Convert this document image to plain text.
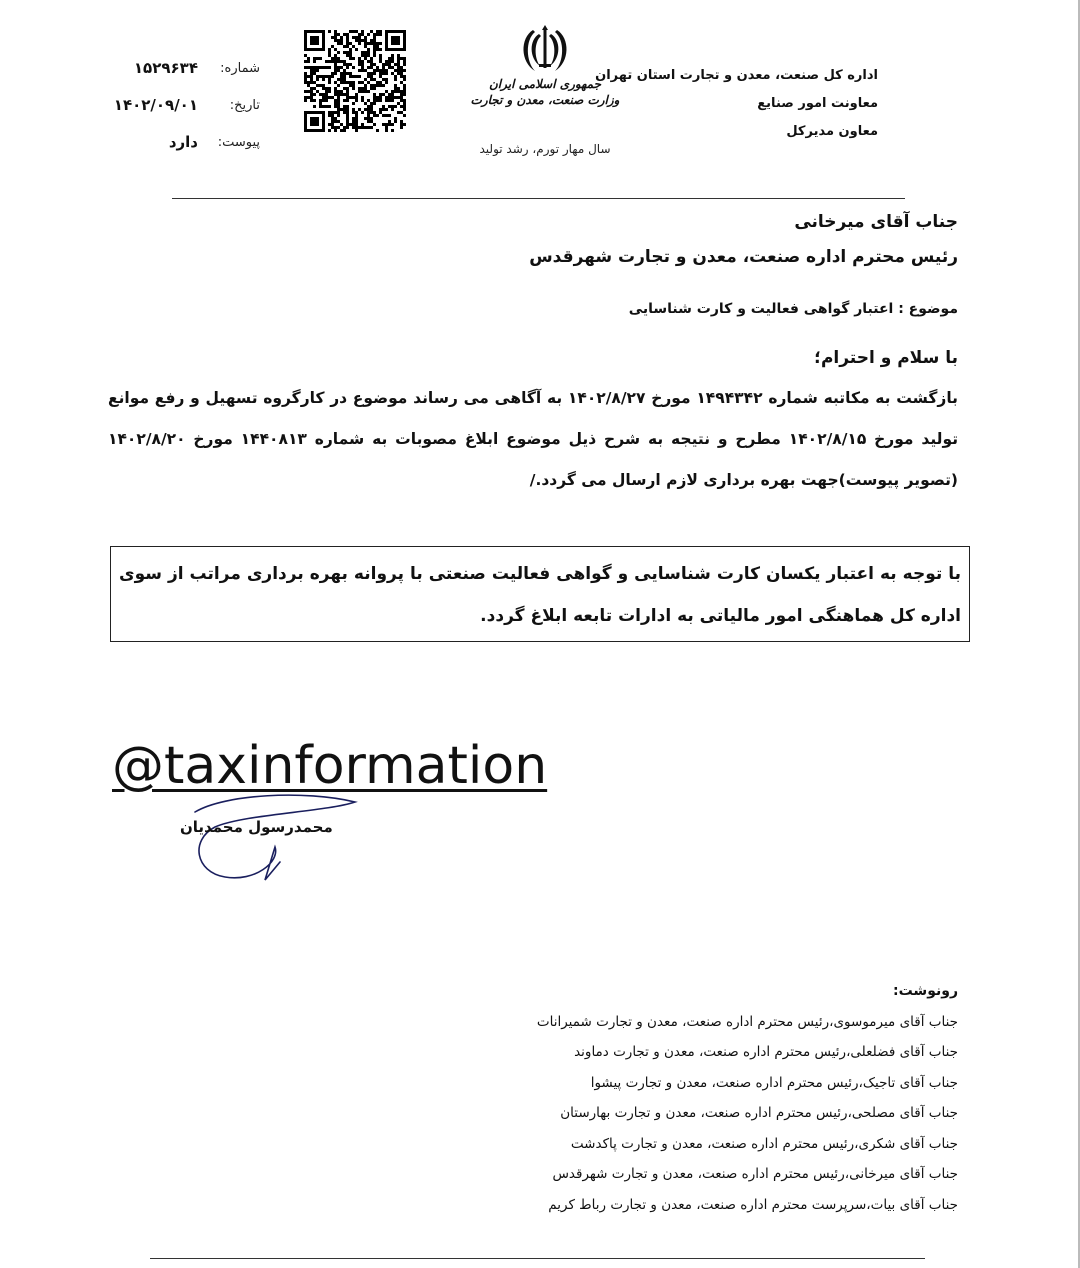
اداره کل صنعت، معدن و تجارت استان تهران
معاونت امور صنایع
معاون مدیرکل
جمهوری اسلامی ایران
وزارت صنعت، معدن و تجارت
سال مهار تورم، رشد تولید
شماره:
۱۵۲۹۶۳۴
تاریخ:
۱۴۰۲/۰۹/۰۱
پیوست:
دارد
جناب آقای میرخانی
رئیس محترم اداره صنعت، معدن و تجارت شهرقدس
موضوع : اعتبار گواهی فعالیت و کارت شناسایی
با سلام و احترام؛
بازگشت به مکاتبه شماره ۱۴۹۴۳۴۲ مورخ ۱۴۰۲/۸/۲۷ به آگاهی می رساند موضوع در کارگروه تسهیل و رفع موانع تولید مورخ ۱۴۰۲/۸/۱۵ مطرح و نتیجه به شرح ذیل موضوع ابلاغ مصوبات به شماره ۱۴۴۰۸۱۳ مورخ ۱۴۰۲/۸/۲۰ (تصویر پیوست)جهت بهره برداری لازم ارسال می گردد./
با توجه به اعتبار یکسان کارت شناسایی و گواهی فعالیت صنعتی با پروانه بهره برداری مراتب از سوی اداره کل هماهنگی امور مالیاتی به ادارات تابعه ابلاغ گردد.
@taxinformation
محمدرسول محمدیان
رونوشت:
جناب آقای میرموسوی،رئیس محترم اداره صنعت، معدن و تجارت شمیرانات
جناب آقای فضلعلی،رئیس محترم اداره صنعت، معدن و تجارت دماوند
جناب آقای تاجیک،رئیس محترم اداره صنعت، معدن و تجارت پیشوا
جناب آقای مصلحی،رئیس محترم اداره صنعت، معدن و تجارت بهارستان
جناب آقای شکری،رئیس محترم اداره صنعت، معدن و تجارت پاکدشت
جناب آقای میرخانی،رئیس محترم اداره صنعت، معدن و تجارت شهرقدس
جناب آقای بیات،سرپرست محترم اداره صنعت، معدن و تجارت رباط کریم
